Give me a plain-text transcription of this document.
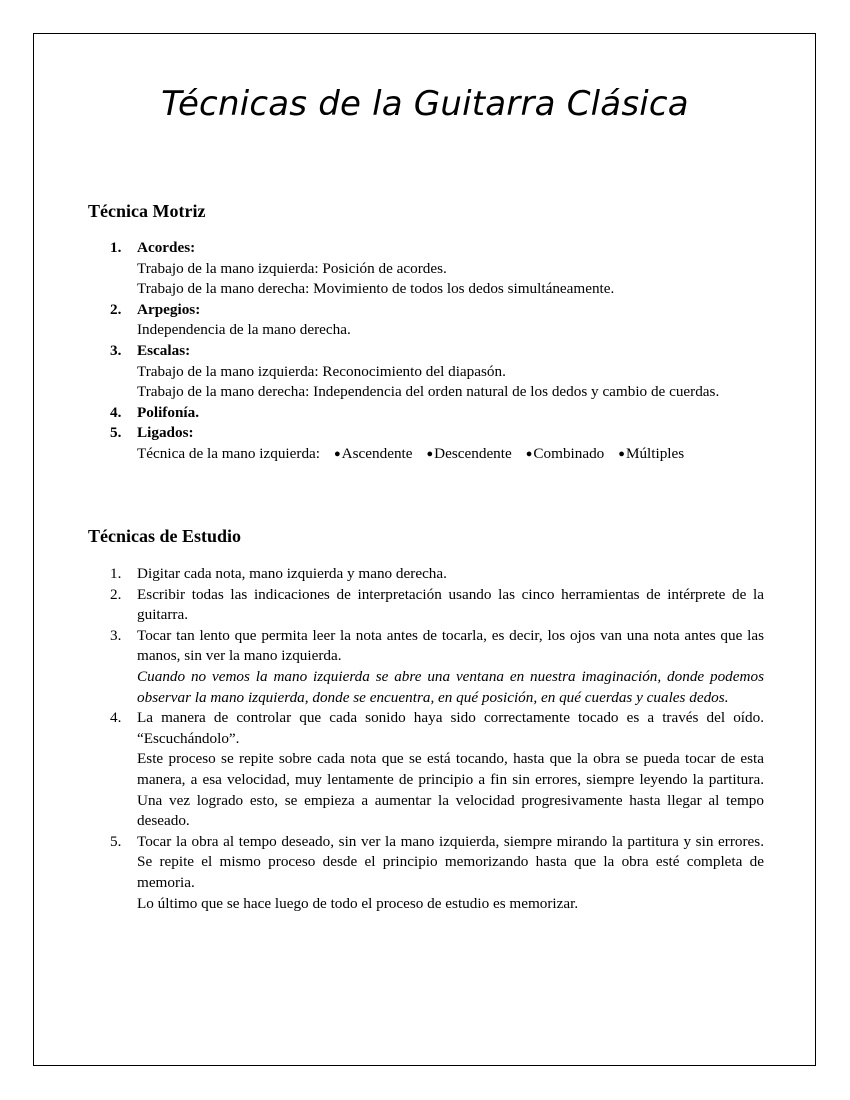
Técnicas de la Guitarra Clásica
Técnica Motriz
1. Acordes:
Trabajo de la mano izquierda: Posición de acordes.
Trabajo de la mano derecha: Movimiento de todos los dedos simultáneamente.
2. Arpegios:
Independencia de la mano derecha.
3. Escalas:
Trabajo de la mano izquierda: Reconocimiento del diapasón.
Trabajo de la mano derecha: Independencia del orden natural de los dedos y cambio de cuerdas.
4. Polifonía.
5. Ligados:
Técnica de la mano izquierda: ●Ascendente ●Descendente ●Combinado ●Múltiples
Técnicas de Estudio
1. Digitar cada nota, mano izquierda y mano derecha.
2. Escribir todas las indicaciones de interpretación usando las cinco herramientas de intérprete de la guitarra.
3. Tocar tan lento que permita leer la nota antes de tocarla, es decir, los ojos van una nota antes que las manos, sin ver la mano izquierda.
Cuando no vemos la mano izquierda se abre una ventana en nuestra imaginación, donde podemos observar la mano izquierda, donde se encuentra, en qué posición, en qué cuerdas y cuales dedos.
4. La manera de controlar que cada sonido haya sido correctamente tocado es a través del oído. “Escuchándolo”.
Este proceso se repite sobre cada nota que se está tocando, hasta que la obra se pueda tocar de esta manera, a esa velocidad, muy lentamente de principio a fin sin errores, siempre leyendo la partitura. Una vez logrado esto, se empieza a aumentar la velocidad progresivamente hasta llegar al tempo deseado.
5. Tocar la obra al tempo deseado, sin ver la mano izquierda, siempre mirando la partitura y sin errores. Se repite el mismo proceso desde el principio memorizando hasta que la obra esté completa de memoria.
Lo último que se hace luego de todo el proceso de estudio es memorizar.
